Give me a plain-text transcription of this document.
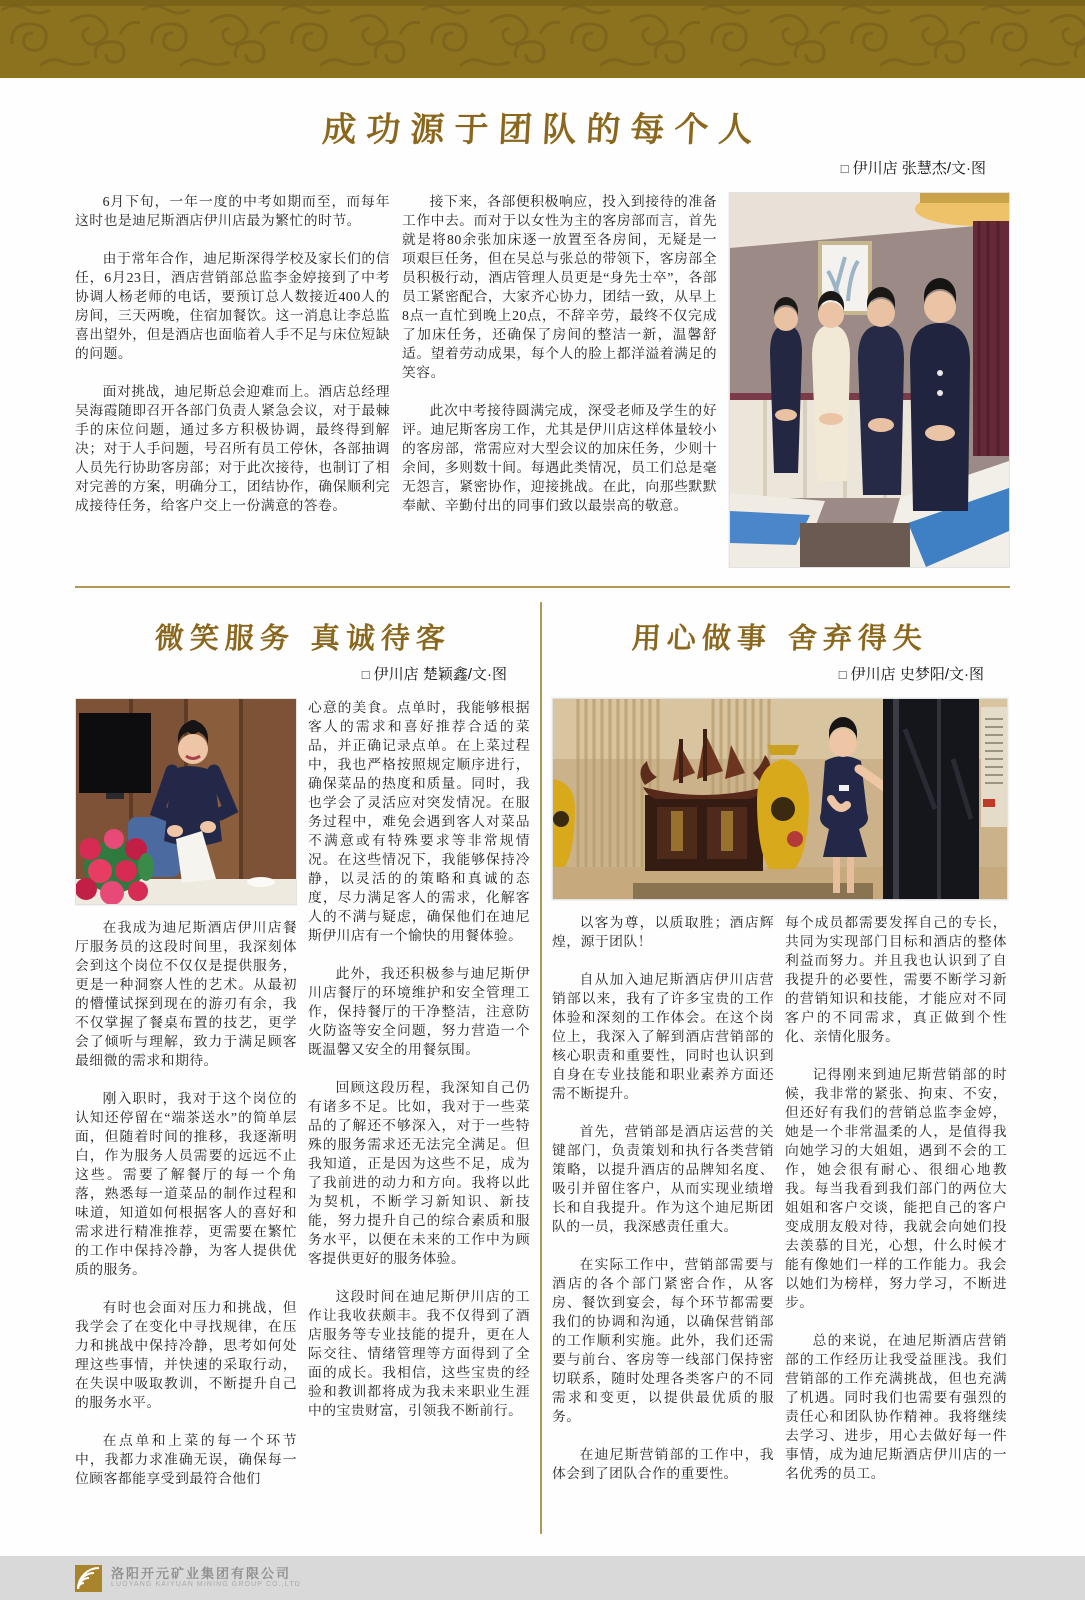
成功源于团队的每个人
□ 伊川店 张慧杰/文·图

6月下旬，一年一度的中考如期而至，而每年这时也是迪尼斯酒店伊川店最为繁忙的时节。

由于常年合作，迪尼斯深得学校及家长们的信任，6月23日，酒店营销部总监李金婷接到了中考协调人杨老师的电话，要预订总人数接近400人的房间，三天两晚，住宿加餐饮。这一消息让李总监喜出望外，但是酒店也面临着人手不足与床位短缺的问题。

面对挑战，迪尼斯总会迎难而上。酒店总经理吴海霞随即召开各部门负责人紧急会议，对于最棘手的床位问题，通过多方积极协调，最终得到解决；对于人手问题，号召所有员工停休，各部抽调人员先行协助客房部；对于此次接待，也制订了相对完善的方案，明确分工，团结协作，确保顺利完成接待任务，给客户交上一份满意的答卷。

接下来，各部便积极响应，投入到接待的准备工作中去。而对于以女性为主的客房部而言，首先就是将80余张加床逐一放置至各房间，无疑是一项艰巨任务，但在吴总与张总的带领下，客房部全员积极行动，酒店管理人员更是“身先士卒”，各部员工紧密配合，大家齐心协力，团结一致，从早上8点一直忙到晚上20点，不辞辛劳，最终不仅完成了加床任务，还确保了房间的整洁一新，温馨舒适。望着劳动成果，每个人的脸上都洋溢着满足的笑容。

此次中考接待圆满完成，深受老师及学生的好评。迪尼斯客房工作，尤其是伊川店这样体量较小的客房部，常需应对大型会议的加床任务，少则十余间，多则数十间。每遇此类情况，员工们总是毫无怨言，紧密协作，迎接挑战。在此，向那些默默奉献、辛勤付出的同事们致以最崇高的敬意。

微笑服务 真诚待客
□ 伊川店 楚颖鑫/文·图

在我成为迪尼斯酒店伊川店餐厅服务员的这段时间里，我深刻体会到这个岗位不仅仅是提供服务，更是一种洞察人性的艺术。从最初的懵懂试探到现在的游刃有余，我不仅掌握了餐桌布置的技艺，更学会了倾听与理解，致力于满足顾客最细微的需求和期待。

刚入职时，我对于这个岗位的认知还停留在“端茶送水”的简单层面，但随着时间的推移，我逐渐明白，作为服务人员需要的远远不止这些。需要了解餐厅的每一个角落，熟悉每一道菜品的制作过程和味道，知道如何根据客人的喜好和需求进行精准推荐，更需要在繁忙的工作中保持冷静，为客人提供优质的服务。

有时也会面对压力和挑战，但我学会了在变化中寻找规律，在压力和挑战中保持冷静，思考如何处理这些事情，并快速的采取行动，在失误中吸取教训，不断提升自己的服务水平。

在点单和上菜的每一个环节中，我都力求准确无误，确保每一位顾客都能享受到最符合他们

心意的美食。点单时，我能够根据客人的需求和喜好推荐合适的菜品，并正确记录点单。在上菜过程中，我也严格按照规定顺序进行，确保菜品的热度和质量。同时，我也学会了灵活应对突发情况。在服务过程中，难免会遇到客人对菜品不满意或有特殊要求等非常规情况。在这些情况下，我能够保持冷静，以灵活的的策略和真诚的态度，尽力满足客人的需求，化解客人的不满与疑虑，确保他们在迪尼斯伊川店有一个愉快的用餐体验。

此外，我还积极参与迪尼斯伊川店餐厅的环境维护和安全管理工作，保持餐厅的干净整洁，注意防火防盗等安全问题，努力营造一个既温馨又安全的用餐氛围。

回顾这段历程，我深知自己仍有诸多不足。比如，我对于一些菜品的了解还不够深入，对于一些特殊的服务需求还无法完全满足。但我知道，正是因为这些不足，成为了我前进的动力和方向。我将以此为契机，不断学习新知识、新技能，努力提升自己的综合素质和服务水平，以便在未来的工作中为顾客提供更好的服务体验。

这段时间在迪尼斯伊川店的工作让我收获颇丰。我不仅得到了酒店服务等专业技能的提升，更在人际交往、情绪管理等方面得到了全面的成长。我相信，这些宝贵的经验和教训都将成为我未来职业生涯中的宝贵财富，引领我不断前行。

用心做事 舍弃得失
□ 伊川店 史梦阳/文·图

以客为尊，以质取胜；酒店辉煌，源于团队！

自从加入迪尼斯酒店伊川店营销部以来，我有了许多宝贵的工作体验和深刻的工作体会。在这个岗位上，我深入了解到酒店营销部的核心职责和重要性，同时也认识到自身在专业技能和职业素养方面还需不断提升。

首先，营销部是酒店运营的关键部门，负责策划和执行各类营销策略，以提升酒店的品牌知名度、吸引并留住客户，从而实现业绩增长和自我提升。作为这个迪尼斯团队的一员，我深感责任重大。

在实际工作中，营销部需要与酒店的各个部门紧密合作，从客房、餐饮到宴会，每个环节都需要我们的协调和沟通，以确保营销部的工作顺利实施。此外，我们还需要与前台、客房等一线部门保持密切联系，随时处理各类客户的不同需求和变更，以提供最优质的服务。

在迪尼斯营销部的工作中，我体会到了团队合作的重要性。

每个成员都需要发挥自己的专长，共同为实现部门目标和酒店的整体利益而努力。并且我也认识到了自我提升的必要性，需要不断学习新的营销知识和技能，才能应对不同客户的不同需求，真正做到个性化、亲情化服务。

记得刚来到迪尼斯营销部的时候，我非常的紧张、拘束、不安，但还好有我们的营销总监李金婷，她是一个非常温柔的人，是值得我向她学习的大姐姐，遇到不会的工作，她会很有耐心、很细心地教我。每当我看到我们部门的两位大姐姐和客户交谈，能把自己的客户变成朋友般对待，我就会向她们投去羡慕的目光，心想，什么时候才能有像她们一样的工作能力。我会以她们为榜样，努力学习，不断进步。

总的来说，在迪尼斯酒店营销部的工作经历让我受益匪浅。我们营销部的工作充满挑战，但也充满了机遇。同时我们也需要有强烈的责任心和团队协作精神。我将继续去学习、进步，用心去做好每一件事情，成为迪尼斯酒店伊川店的一名优秀的员工。

洛阳开元矿业集团有限公司
LUOYANG KAIYUAN MINING GROUP CO.,LTD
